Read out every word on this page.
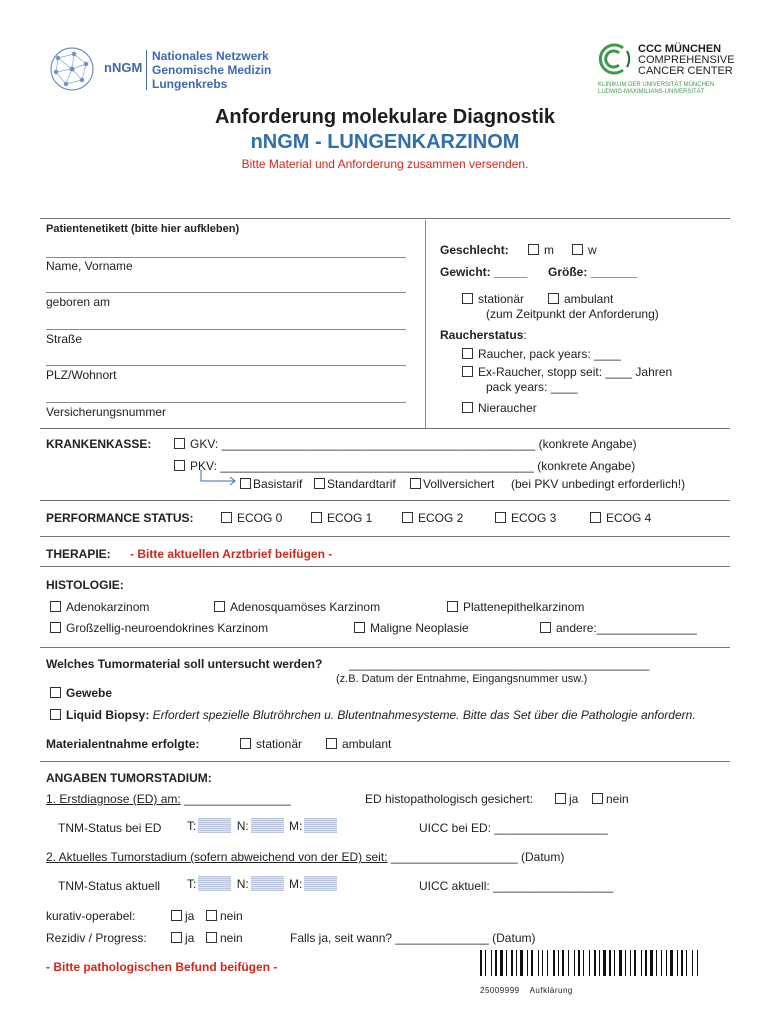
nNGM
Nationales Netzwerk
Genomische Medizin
Lungenkrebs
CCC MÜNCHEN
COMPREHENSIVE
CANCER CENTER
KLINIKUM DER UNIVERSITÄT MÜNCHEN
LUDWIG-MAXIMILIANS-UNIVERSITÄT
Anforderung molekulare Diagnostik
nNGM - LUNGENKARZINOM
Bitte Material und Anforderung zusammen versenden.
Patientenetikett (bitte hier aufkleben)
Name, Vorname
geboren am
Straße
PLZ/Wohnort
Versicherungsnummer
Geschlecht:	m	w
Gewicht: _____ Größe: _______
stationär	ambulant
(zum Zeitpunkt der Anforderung)
Raucherstatus:
Raucher, pack years: ____
Ex-Raucher, stopp seit: ____ Jahren
pack years: ____
Nieraucher
KRANKENKASSE:	GKV: _______________________________________________ (konkrete Angabe)
PKV: _______________________________________________ (konkrete Angabe)
Basistarif	Standardtarif	Vollversichert (bei PKV unbedingt erforderlich!)
PERFORMANCE STATUS:	ECOG 0	ECOG 1	ECOG 2	ECOG 3	ECOG 4
THERAPIE: - Bitte aktuellen Arztbrief beifügen -
HISTOLOGIE:
Adenokarzinom	Adenosquamöses Karzinom	Plattenepithelkarzinom
Großzellig-neuroendokrines Karzinom	Maligne Neoplasie	andere:_______________
Welches Tumormaterial soll untersucht werden? _____________________________________________
(z.B. Datum der Entnahme, Eingangsnummer usw.)
Gewebe
Liquid Biopsy: Erfordert spezielle Blutröhrchen u. Blutentnahmesysteme. Bitte das Set über die Pathologie anfordern.
Materialentnahme erfolgte:	stationär	ambulant
ANGABEN TUMORSTADIUM:
1. Erstdiagnose (ED) am: ________________	ED histopathologisch gesichert:	ja	nein
TNM-Status bei ED T:	N:	M:	UICC bei ED: _________________
2. Aktuelles Tumorstadium (sofern abweichend von der ED) seit: ___________________ (Datum)
TNM-Status aktuell T:	N:	M:	UICC aktuell: __________________
kurativ-operabel:	ja	nein
Rezidiv / Progress:	ja	nein	Falls ja, seit wann? ______________ (Datum)
- Bitte pathologischen Befund beifügen -
25009999 Aufklärung
